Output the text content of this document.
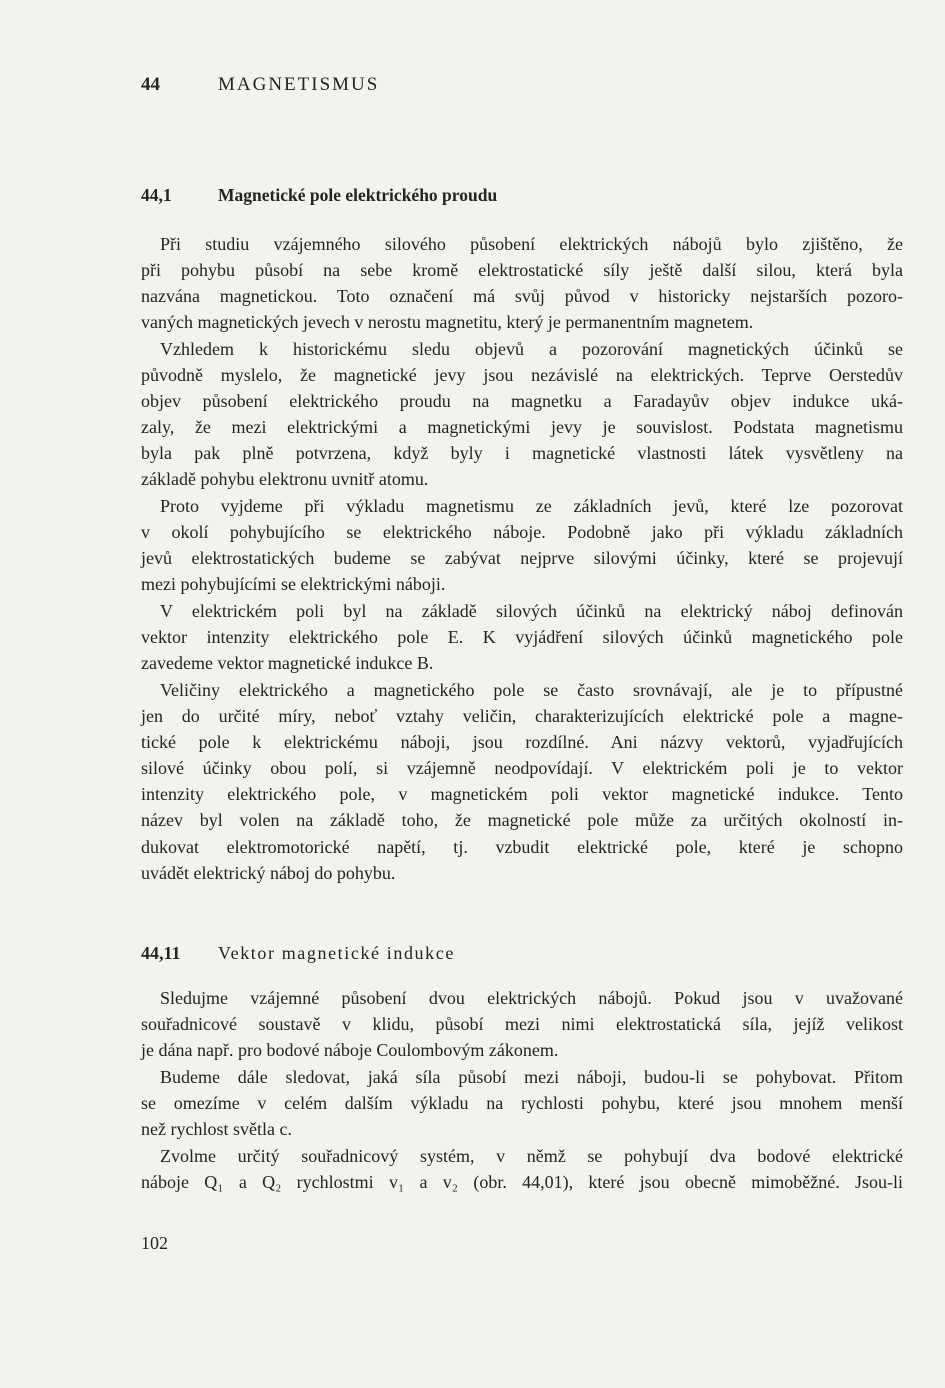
44	MAGNETISMUS
44,1	Magnetické pole elektrického proudu
Při studiu vzájemného silového působení elektrických nábojů bylo zjištěno, že
při pohybu působí na sebe kromě elektrostatické síly ještě další silou, která byla
nazvána magnetickou. Toto označení má svůj původ v historicky nejstarších pozoro-
vaných magnetických jevech v nerostu magnetitu, který je permanentním magnetem.
Vzhledem k historickému sledu objevů a pozorování magnetických účinků se
původně myslelo, že magnetické jevy jsou nezávislé na elektrických. Teprve Oerstedův
objev působení elektrického proudu na magnetku a Faradayův objev indukce uká-
zaly, že mezi elektrickými a magnetickými jevy je souvislost. Podstata magnetismu
byla pak plně potvrzena, když byly i magnetické vlastnosti látek vysvětleny na
základě pohybu elektronu uvnitř atomu.
Proto vyjdeme při výkladu magnetismu ze základních jevů, které lze pozorovat
v okolí pohybujícího se elektrického náboje. Podobně jako při výkladu základních
jevů elektrostatických budeme se zabývat nejprve silovými účinky, které se projevují
mezi pohybujícími se elektrickými náboji.
V elektrickém poli byl na základě silových účinků na elektrický náboj definován
vektor intenzity elektrického pole E. K vyjádření silových účinků magnetického pole
zavedeme vektor magnetické indukce B.
Veličiny elektrického a magnetického pole se často srovnávají, ale je to přípustné
jen do určité míry, neboť vztahy veličin, charakterizujících elektrické pole a magne-
tické pole k elektrickému náboji, jsou rozdílné. Ani názvy vektorů, vyjadřujících
silové účinky obou polí, si vzájemně neodpovídají. V elektrickém poli je to vektor
intenzity elektrického pole, v magnetickém poli vektor magnetické indukce. Tento
název byl volen na základě toho, že magnetické pole může za určitých okolností in-
dukovat elektromotorické napětí, tj. vzbudit elektrické pole, které je schopno
uvádět elektrický náboj do pohybu.
44,11 Vektor magnetické indukce
Sledujme vzájemné působení dvou elektrických nábojů. Pokud jsou v uvažované
souřadnicové soustavě v klidu, působí mezi nimi elektrostatická síla, jejíž velikost
je dána např. pro bodové náboje Coulombovým zákonem.
Budeme dále sledovat, jaká síla působí mezi náboji, budou-li se pohybovat. Přitom
se omezíme v celém dalším výkladu na rychlosti pohybu, které jsou mnohem menší
než rychlost světla c.
Zvolme určitý souřadnicový systém, v němž se pohybují dva bodové elektrické
náboje Q₁ a Q₂ rychlostmi v₁ a v₂ (obr. 44,01), které jsou obecně mimoběžné. Jsou-li
102
